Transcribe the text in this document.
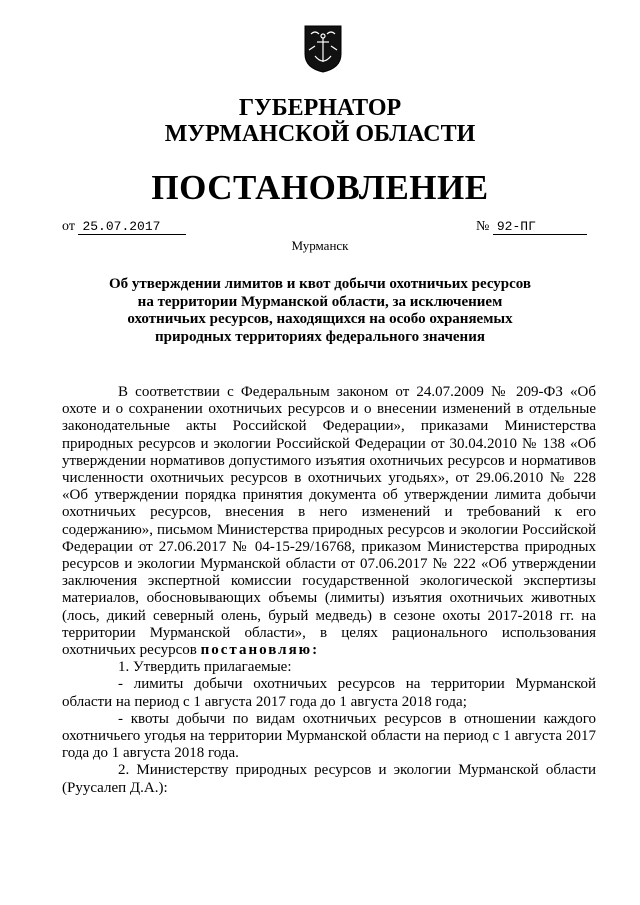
ГУБЕРНАТОР
МУРМАНСКОЙ ОБЛАСТИ
ПОСТАНОВЛЕНИЕ
от 25.07.2017	№ 92-ПГ
Мурманск
Об утверждении лимитов и квот добычи охотничьих ресурсов на территории Мурманской области, за исключением охотничьих ресурсов, находящихся на особо охраняемых природных территориях федерального значения

В соответствии с Федеральным законом от 24.07.2009 № 209-ФЗ «Об охоте и о сохранении охотничьих ресурсов и о внесении изменений в отдельные законодательные акты Российской Федерации», приказами Министерства природных ресурсов и экологии Российской Федерации от 30.04.2010 № 138 «Об утверждении нормативов допустимого изъятия охотничьих ресурсов и нормативов численности охотничьих ресурсов в охотничьих угодьях», от 29.06.2010 № 228 «Об утверждении порядка принятия документа об утверждении лимита добычи охотничьих ресурсов, внесения в него изменений и требований к его содержанию», письмом Министерства природных ресурсов и экологии Российской Федерации от 27.06.2017 № 04-15-29/16768, приказом Министерства природных ресурсов и экологии Мурманской области от 07.06.2017 № 222 «Об утверждении заключения экспертной комиссии государственной экологической экспертизы материалов, обосновывающих объемы (лимиты) изъятия охотничьих животных (лось, дикий северный олень, бурый медведь) в сезоне охоты 2017-2018 гг. на территории Мурманской области», в целях рационального использования охотничьих ресурсов постановляю:

1. Утвердить прилагаемые:

- лимиты добычи охотничьих ресурсов на территории Мурманской области на период с 1 августа 2017 года до 1 августа 2018 года;

- квоты добычи по видам охотничьих ресурсов в отношении каждого охотничьего угодья на территории Мурманской области на период с 1 августа 2017 года до 1 августа 2018 года.

2. Министерству природных ресурсов и экологии Мурманской области (Руусалеп Д.А.):
